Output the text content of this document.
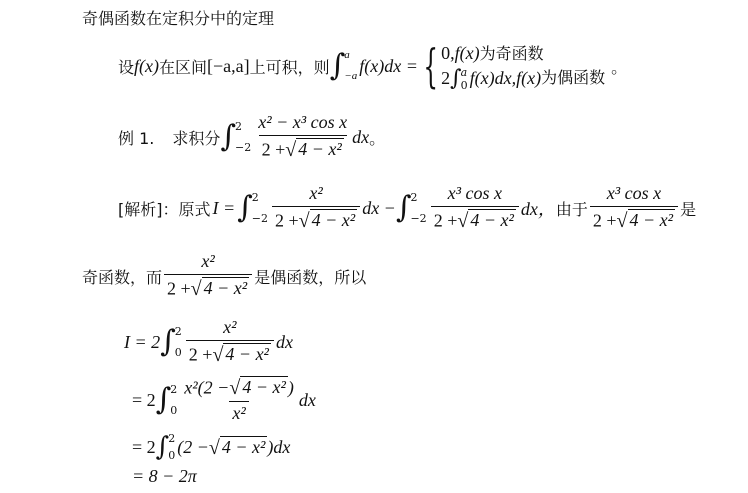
奇偶函数在定积分中的定理
设 f(x) 在区间 [−a,a] 上可积，则 ∫ a
−a
f(x)dx = { 0,f(x)为奇函数
2 ∫ a
0 f(x)dx, f(x) 为偶函数
。
例 1. 求积分 ∫ 2
$-2 \frac{\text{x² − x³ cos x}}{\text{2 + √ 4 − x²}}$ dx 。
[解析]：原式 I = ∫ 2
$-2 \frac{\text{x²}}{\text{2 + √ 4 − x²}}$ dx − ∫ 2
$-2 \frac{\text{x³ cos x}}{\text{2 + √ 4 − x²}}$ dx， 由于 $\frac{\text{x³ cos x}}{\text{2 + √ 4 − x²}}$ 是
奇函数，而 $\frac{\text{x²}}{\text{2 + √ 4 − x²}}$ 是偶函数，所以
I = 2 ∫ 2
$0 \frac{\text{x²}}{\text{2 + √ 4 − x²}}$ dx
= 2 ∫ 2
$0 \frac{\text{x²(2 − √ 4 − x² )}}{\text{x²}}$ dx
= 2 ∫ 2
0 (2 − √ 4 − x² )dx
= 8 − 2π
